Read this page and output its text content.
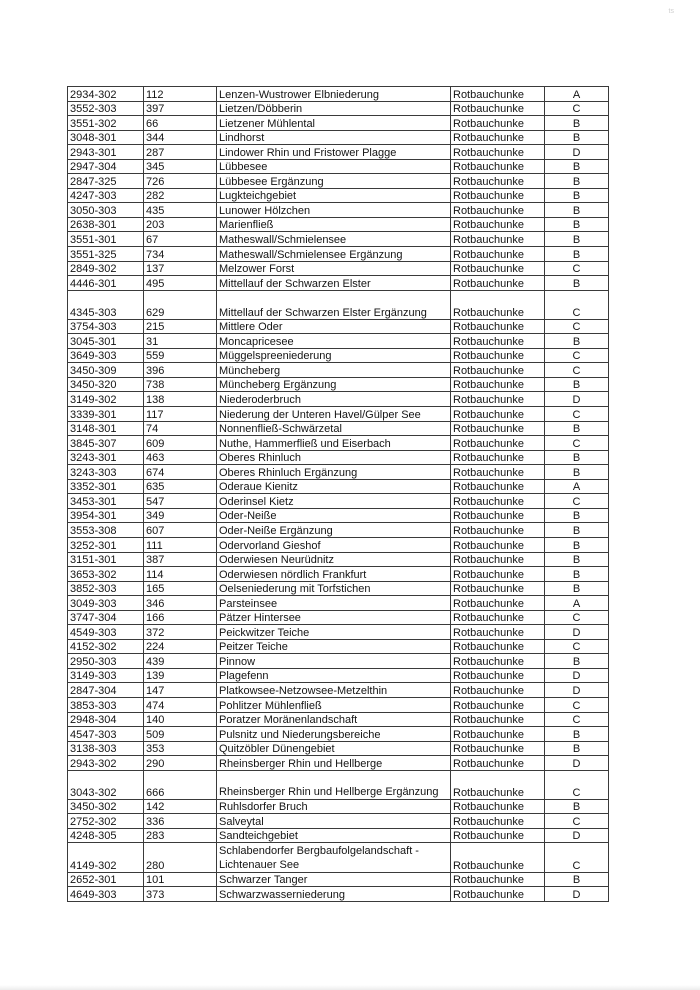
ts
2934-302	112	Lenzen-Wustrower Elbniederung	Rotbauchunke	A
3552-303	397	Lietzen/Döbberin	Rotbauchunke	C
3551-302	66	Lietzener Mühlental	Rotbauchunke	B
3048-301	344	Lindhorst	Rotbauchunke	B
2943-301	287	Lindower Rhin und Fristower Plagge	Rotbauchunke	D
2947-304	345	Lübbesee	Rotbauchunke	B
2847-325	726	Lübbesee Ergänzung	Rotbauchunke	B
4247-303	282	Lugkteichgebiet	Rotbauchunke	B
3050-303	435	Lunower Hölzchen	Rotbauchunke	B
2638-301	203	Marienfließ	Rotbauchunke	B
3551-301	67	Matheswall/Schmielensee	Rotbauchunke	B
3551-325	734	Matheswall/Schmielensee Ergänzung	Rotbauchunke	B
2849-302	137	Melzower Forst	Rotbauchunke	C
4446-301	495	Mittellauf der Schwarzen Elster	Rotbauchunke	B
4345-303	629	Mittellauf der Schwarzen Elster Ergänzung	Rotbauchunke	C
3754-303	215	Mittlere Oder	Rotbauchunke	C
3045-301	31	Moncapricesee	Rotbauchunke	B
3649-303	559	Müggelspreeniederung	Rotbauchunke	C
3450-309	396	Müncheberg	Rotbauchunke	C
3450-320	738	Müncheberg Ergänzung	Rotbauchunke	B
3149-302	138	Niederoderbruch	Rotbauchunke	D
3339-301	117	Niederung der Unteren Havel/Gülper See	Rotbauchunke	C
3148-301	74	Nonnenfließ-Schwärzetal	Rotbauchunke	B
3845-307	609	Nuthe, Hammerfließ und Eiserbach	Rotbauchunke	C
3243-301	463	Oberes Rhinluch	Rotbauchunke	B
3243-303	674	Oberes Rhinluch Ergänzung	Rotbauchunke	B
3352-301	635	Oderaue Kienitz	Rotbauchunke	A
3453-301	547	Oderinsel Kietz	Rotbauchunke	C
3954-301	349	Oder-Neiße	Rotbauchunke	B
3553-308	607	Oder-Neiße Ergänzung	Rotbauchunke	B
3252-301	111	Odervorland Gieshof	Rotbauchunke	B
3151-301	387	Oderwiesen Neurüdnitz	Rotbauchunke	B
3653-302	114	Oderwiesen nördlich Frankfurt	Rotbauchunke	B
3852-303	165	Oelseniederung mit Torfstichen	Rotbauchunke	B
3049-303	346	Parsteinsee	Rotbauchunke	A
3747-304	166	Pätzer Hintersee	Rotbauchunke	C
4549-303	372	Peickwitzer Teiche	Rotbauchunke	D
4152-302	224	Peitzer Teiche	Rotbauchunke	C
2950-303	439	Pinnow	Rotbauchunke	B
3149-303	139	Plagefenn	Rotbauchunke	D
2847-304	147	Platkowsee-Netzowsee-Metzelthin	Rotbauchunke	D
3853-303	474	Pohlitzer Mühlenfließ	Rotbauchunke	C
2948-304	140	Poratzer Moränenlandschaft	Rotbauchunke	C
4547-303	509	Pulsnitz und Niederungsbereiche	Rotbauchunke	B
3138-303	353	Quitzöbler Dünengebiet	Rotbauchunke	B
2943-302	290	Rheinsberger Rhin und Hellberge	Rotbauchunke	D
3043-302	666	Rheinsberger Rhin und Hellberge Ergänzung	Rotbauchunke	C
3450-302	142	Ruhlsdorfer Bruch	Rotbauchunke	B
2752-302	336	Salveytal	Rotbauchunke	C
4248-305	283	Sandteichgebiet	Rotbauchunke	D
4149-302	280	Schlabendorfer Bergbaufolgelandschaft - Lichtenauer See	Rotbauchunke	C
2652-301	101	Schwarzer Tanger	Rotbauchunke	B
4649-303	373	Schwarzwasserniederung	Rotbauchunke	D
